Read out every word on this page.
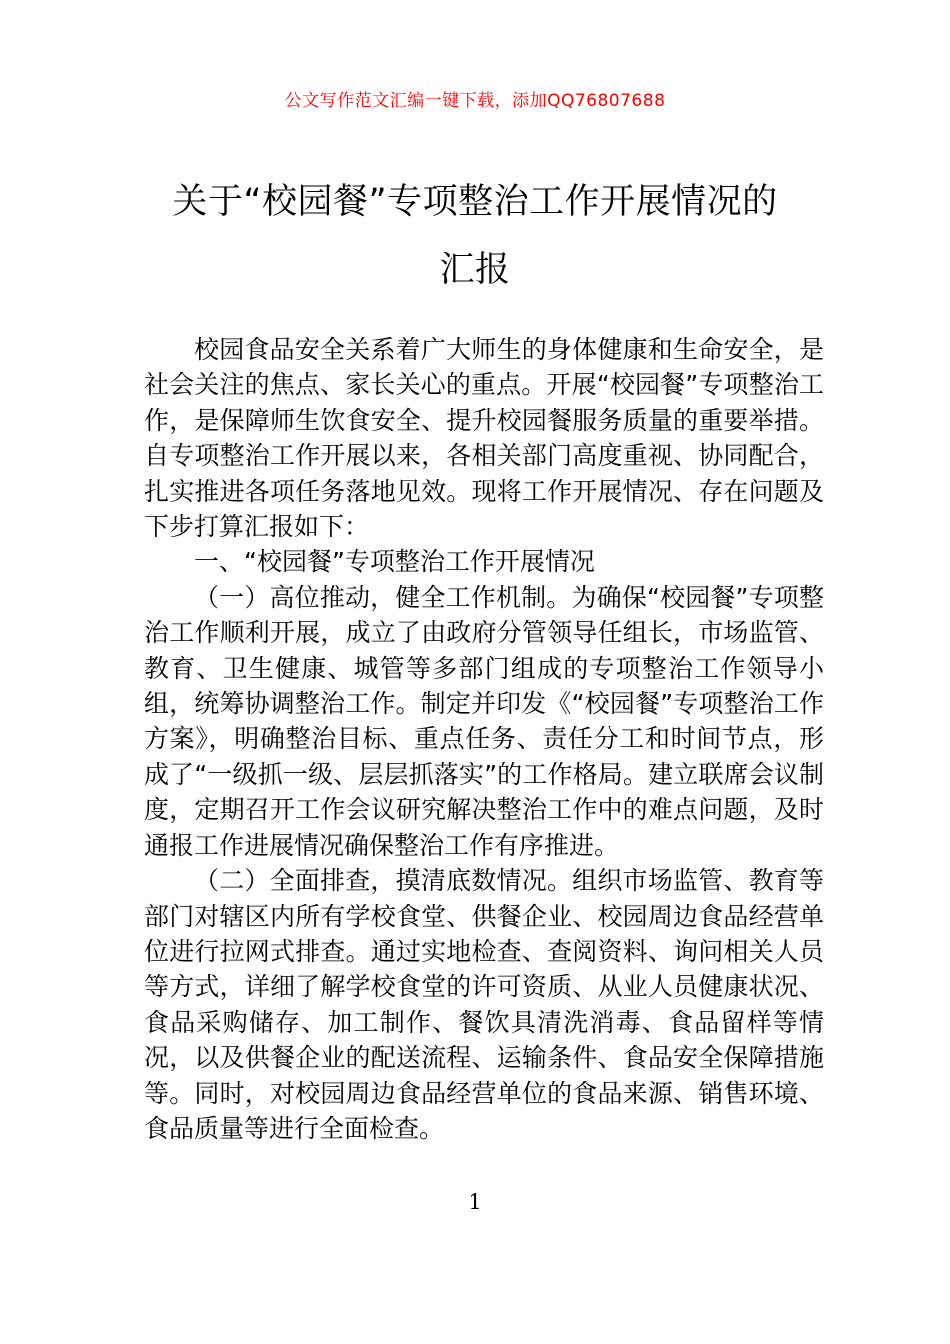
公文写作范文汇编一键下载，添加QQ76807688
关于“校园餐”专项整治工作开展情况的
汇报

校园食品安全关系着广大师生的身体健康和生命安全，是社会关注的焦点、家长关心的重点。开展“校园餐”专项整治工作，是保障师生饮食安全、提升校园餐服务质量的重要举措。自专项整治工作开展以来，各相关部门高度重视、协同配合，扎实推进各项任务落地见效。现将工作开展情况、存在问题及下步打算汇报如下：

一、“校园餐”专项整治工作开展情况

（一）高位推动，健全工作机制。为确保“校园餐”专项整治工作顺利开展，成立了由政府分管领导任组长，市场监管、教育、卫生健康、城管等多部门组成的专项整治工作领导小组，统筹协调整治工作。制定并印发《“校园餐”专项整治工作方案》，明确整治目标、重点任务、责任分工和时间节点，形成了“一级抓一级、层层抓落实”的工作格局。建立联席会议制度，定期召开工作会议研究解决整治工作中的难点问题，及时通报工作进展情况确保整治工作有序推进。

（二）全面排查，摸清底数情况。组织市场监管、教育等部门对辖区内所有学校食堂、供餐企业、校园周边食品经营单位进行拉网式排查。通过实地检查、查阅资料、询问相关人员等方式，详细了解学校食堂的许可资质、从业人员健康状况、食品采购储存、加工制作、餐饮具清洗消毒、食品留样等情况，以及供餐企业的配送流程、运输条件、食品安全保障措施等。同时，对校园周边食品经营单位的食品来源、销售环境、食品质量等进行全面检查。

1
